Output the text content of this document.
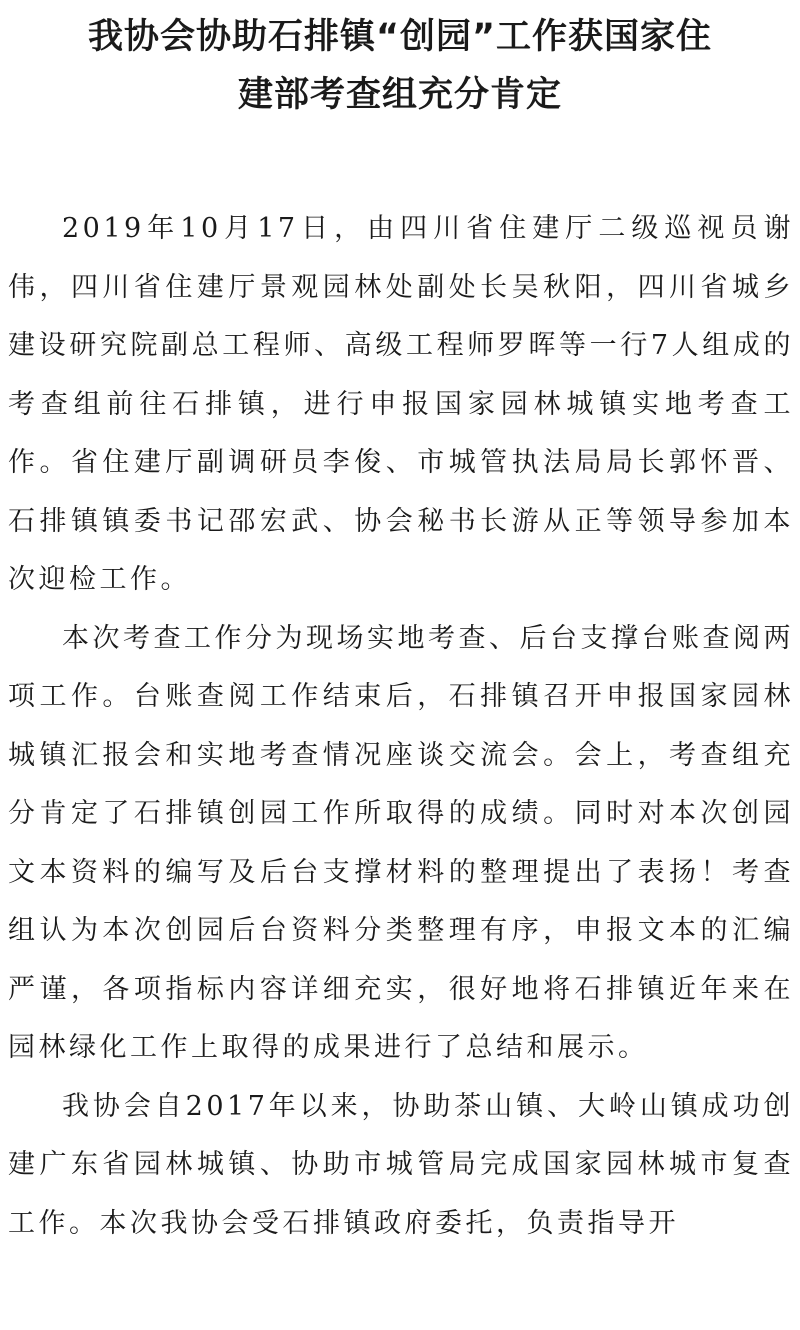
我协会协助石排镇“创园”工作获国家住
建部考查组充分肯定

2019年10月17日，由四川省住建厅二级巡视员谢伟，四川省住建厅景观园林处副处长吴秋阳，四川省城乡建设研究院副总工程师、高级工程师罗晖等一行7人组成的考查组前往石排镇，进行申报国家园林城镇实地考查工作。省住建厅副调研员李俊、市城管执法局局长郭怀晋、石排镇镇委书记邵宏武、协会秘书长游从正等领导参加本次迎检工作。

本次考查工作分为现场实地考查、后台支撑台账查阅两项工作。台账查阅工作结束后，石排镇召开申报国家园林城镇汇报会和实地考查情况座谈交流会。会上，考查组充分肯定了石排镇创园工作所取得的成绩。同时对本次创园文本资料的编写及后台支撑材料的整理提出了表扬！考查组认为本次创园后台资料分类整理有序，申报文本的汇编严谨，各项指标内容详细充实，很好地将石排镇近年来在园林绿化工作上取得的成果进行了总结和展示。

我协会自2017年以来，协助茶山镇、大岭山镇成功创建广东省园林城镇、协助市城管局完成国家园林城市复查工作。本次我协会受石排镇政府委托，负责指导开
